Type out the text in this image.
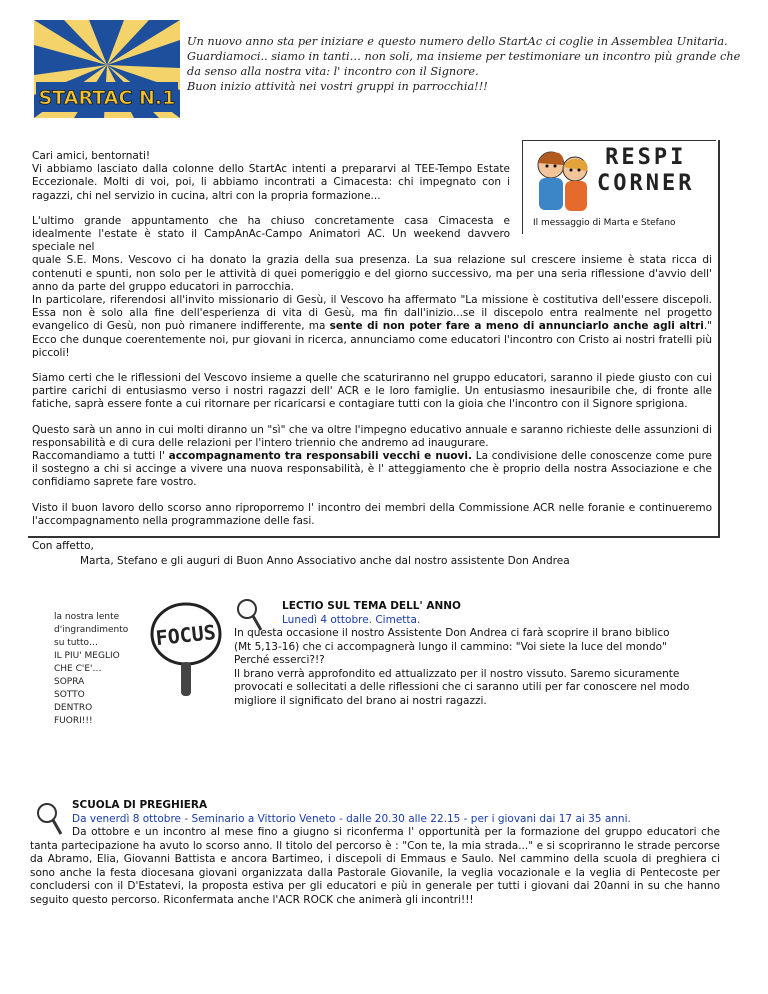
STARTAC N.1
Un nuovo anno sta per iniziare e questo numero dello StartAc ci coglie in Assemblea Unitaria.
Guardiamoci.. siamo in tanti… non soli, ma insieme per testimoniare un incontro più grande che
da senso alla nostra vita: l' incontro con il Signore.
Buon inizio attività nei vostri gruppi in parrocchia!!!
RESPI
CORNER
Il messaggio di Marta e Stefano

Cari amici, bentornati!
Vi abbiamo lasciato dalla colonne dello StartAc intenti a prepararvi al TEE-Tempo Estate Eccezionale. Molti di voi, poi, li abbiamo incontrati a Cimacesta: chi impegnato con i ragazzi, chi nel servizio in cucina, altri con la propria formazione...

L'ultimo grande appuntamento che ha chiuso concretamente casa Cimacesta e idealmente l'estate è stato il CampAnAc-Campo Animatori AC. Un weekend davvero speciale nel
quale S.E. Mons. Vescovo ci ha donato la grazia della sua presenza. La sua relazione sul crescere insieme è stata ricca di contenuti e spunti, non solo per le attività di quei pomeriggio e del giorno successivo, ma per una seria riflessione d'avvio dell' anno da parte del gruppo educatori in parrocchia.
In particolare, riferendosi all'invito missionario di Gesù, il Vescovo ha affermato "La missione è costitutiva dell'essere discepoli. Essa non è solo alla fine dell'esperienza di vita di Gesù, ma fin dall'inizio...se il discepolo entra realmente nel progetto evangelico di Gesù, non può rimanere indifferente, ma sente di non poter fare a meno di annunciarlo anche agli altri." Ecco che dunque coerentemente noi, pur giovani in ricerca, annunciamo come educatori l'incontro con Cristo ai nostri fratelli più piccoli!

Siamo certi che le riflessioni del Vescovo insieme a quelle che scaturiranno nel gruppo educatori, saranno il piede giusto con cui partire carichi di entusiasmo verso i nostri ragazzi dell' ACR e le loro famiglie. Un entusiasmo inesauribile che, di fronte alle fatiche, saprà essere fonte a cui ritornare per ricaricarsi e contagiare tutti con la gioia che l'incontro con il Signore sprigiona.

Questo sarà un anno in cui molti diranno un "sì" che va oltre l'impegno educativo annuale e saranno richieste delle assunzioni di responsabilità e di cura delle relazioni per l'intero triennio che andremo ad inaugurare.
Raccomandiamo a tutti l' accompagnamento tra responsabili vecchi e nuovi. La condivisione delle conoscenze come pure il sostegno a chi si accinge a vivere una nuova responsabilità, è l' atteggiamento che è proprio della nostra Associazione e che confidiamo saprete fare vostro.

Visto il buon lavoro dello scorso anno riproporremo l' incontro dei membri della Commissione ACR nelle foranie e continueremo l'accompagnamento nella programmazione delle fasi.

Con affetto,

Marta, Stefano e gli auguri di Buon Anno Associativo anche dal nostro assistente Don Andrea

la nostra lente
d'ingrandimento
su tutto…
IL PIU' MEGLIO
CHE C'E'…
SOPRA
SOTTO
DENTRO
FUORI!!!
FOCUS
LECTIO SUL TEMA DELL' ANNO
Lunedì 4 ottobre. Cimetta.
In questa occasione il nostro Assistente Don Andrea ci farà scoprire il brano biblico
(Mt 5,13-16) che ci accompagnerà lungo il cammino: "Voi siete la luce del mondo"
Perché esserci?!?
Il brano verrà approfondito ed attualizzato per il nostro vissuto. Saremo sicuramente
provocati e sollecitati a delle riflessioni che ci saranno utili per far conoscere nel modo
migliore il significato del brano ai nostri ragazzi.
SCUOLA DI PREGHIERA
Da venerdì 8 ottobre - Seminario a Vittorio Veneto - dalle 20.30 alle 22.15 - per i giovani dai 17 ai 35 anni.
Da ottobre e un incontro al mese fino a giugno si riconferma l' opportunità per la formazione del gruppo educatori che tanta partecipazione ha avuto lo scorso anno. Il titolo del percorso è : "Con te, la mia strada..." e si scopriranno le strade percorse da Abramo, Elia, Giovanni Battista e ancora Bartimeo, i discepoli di Emmaus e Saulo. Nel cammino della scuola di preghiera ci sono anche la festa diocesana giovani organizzata dalla Pastorale Giovanile, la veglia vocazionale e la veglia di Pentecoste per concludersi con il D'Estatevi, la proposta estiva per gli educatori e più in generale per tutti i giovani dai 20anni in su che hanno seguito questo percorso. Riconfermata anche l'ACR ROCK che animerà gli incontri!!!
